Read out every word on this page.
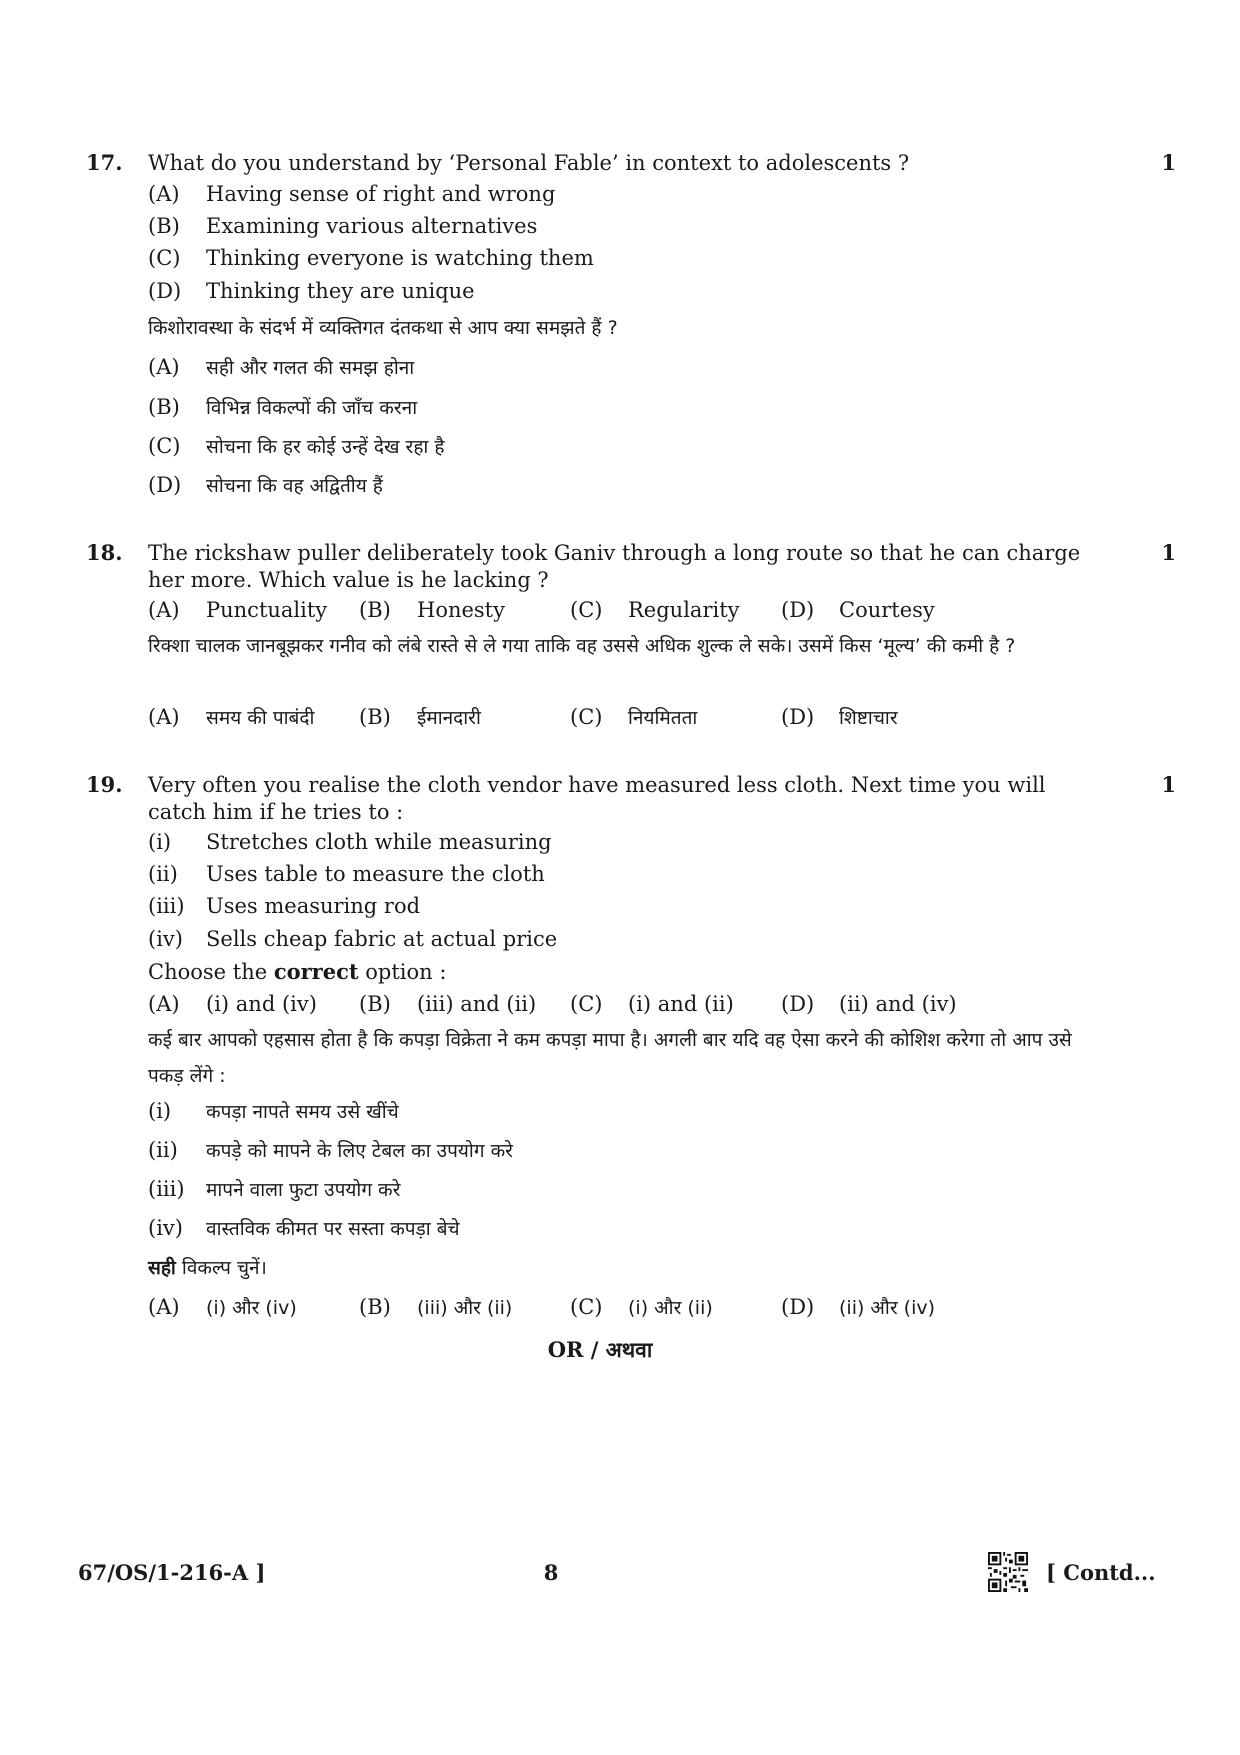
17. What do you understand by ‘Personal Fable’ in context to adolescents ?	1
(A) Having sense of right and wrong
(B) Examining various alternatives
(C) Thinking everyone is watching them
(D) Thinking they are unique
किशोरावस्था के संदर्भ में व्यक्तिगत दंतकथा से आप क्या समझते हैं ?
(A) सही और गलत की समझ होना
(B) विभिन्न विकल्पों की जाँच करना
(C) सोचना कि हर कोई उन्हें देख रहा है
(D) सोचना कि वह अद्वितीय हैं
18. The rickshaw puller deliberately took Ganiv through a long route so that he can charge her more. Which value is he lacking ?
1
(A) Punctuality (B) Honesty	(C) Regularity (D) Courtesy
रिक्शा चालक जानबूझकर गनीव को लंबे रास्ते से ले गया ताकि वह उससे अधिक शुल्क ले सके। उसमें किस ‘मूल्य’ की कमी है ?
(A) समय की पाबंदी (B) ईमानदारी	(C) नियमितता	(D) शिष्टाचार
19. Very often you realise the cloth vendor have measured less cloth. Next time you will catch him if he tries to :
1
(i) Stretches cloth while measuring
(ii) Uses table to measure the cloth
(iii) Uses measuring rod
(iv) Sells cheap fabric at actual price
Choose the correct option :
(A) (i) and (iv) (B) (iii) and (ii) (C) (i) and (ii) (D) (ii) and (iv)
कई बार आपको एहसास होता है कि कपड़ा विक्रेता ने कम कपड़ा मापा है। अगली बार यदि वह ऐसा करने की कोशिश करेगा तो आप उसे पकड़ लेंगे :
(i) कपड़ा नापते समय उसे खींचे
(ii) कपड़े को मापने के लिए टेबल का उपयोग करे
(iii) मापने वाला फुटा उपयोग करे
(iv) वास्तविक कीमत पर सस्ता कपड़ा बेचे
सही विकल्प चुनें।
(A) (i) और (iv)	(B) (iii) और (ii)	(C) (i) और (ii)	(D) (ii) और (iv)
OR / अथवा
67/OS/1-216-A ]	8	[ Contd...
